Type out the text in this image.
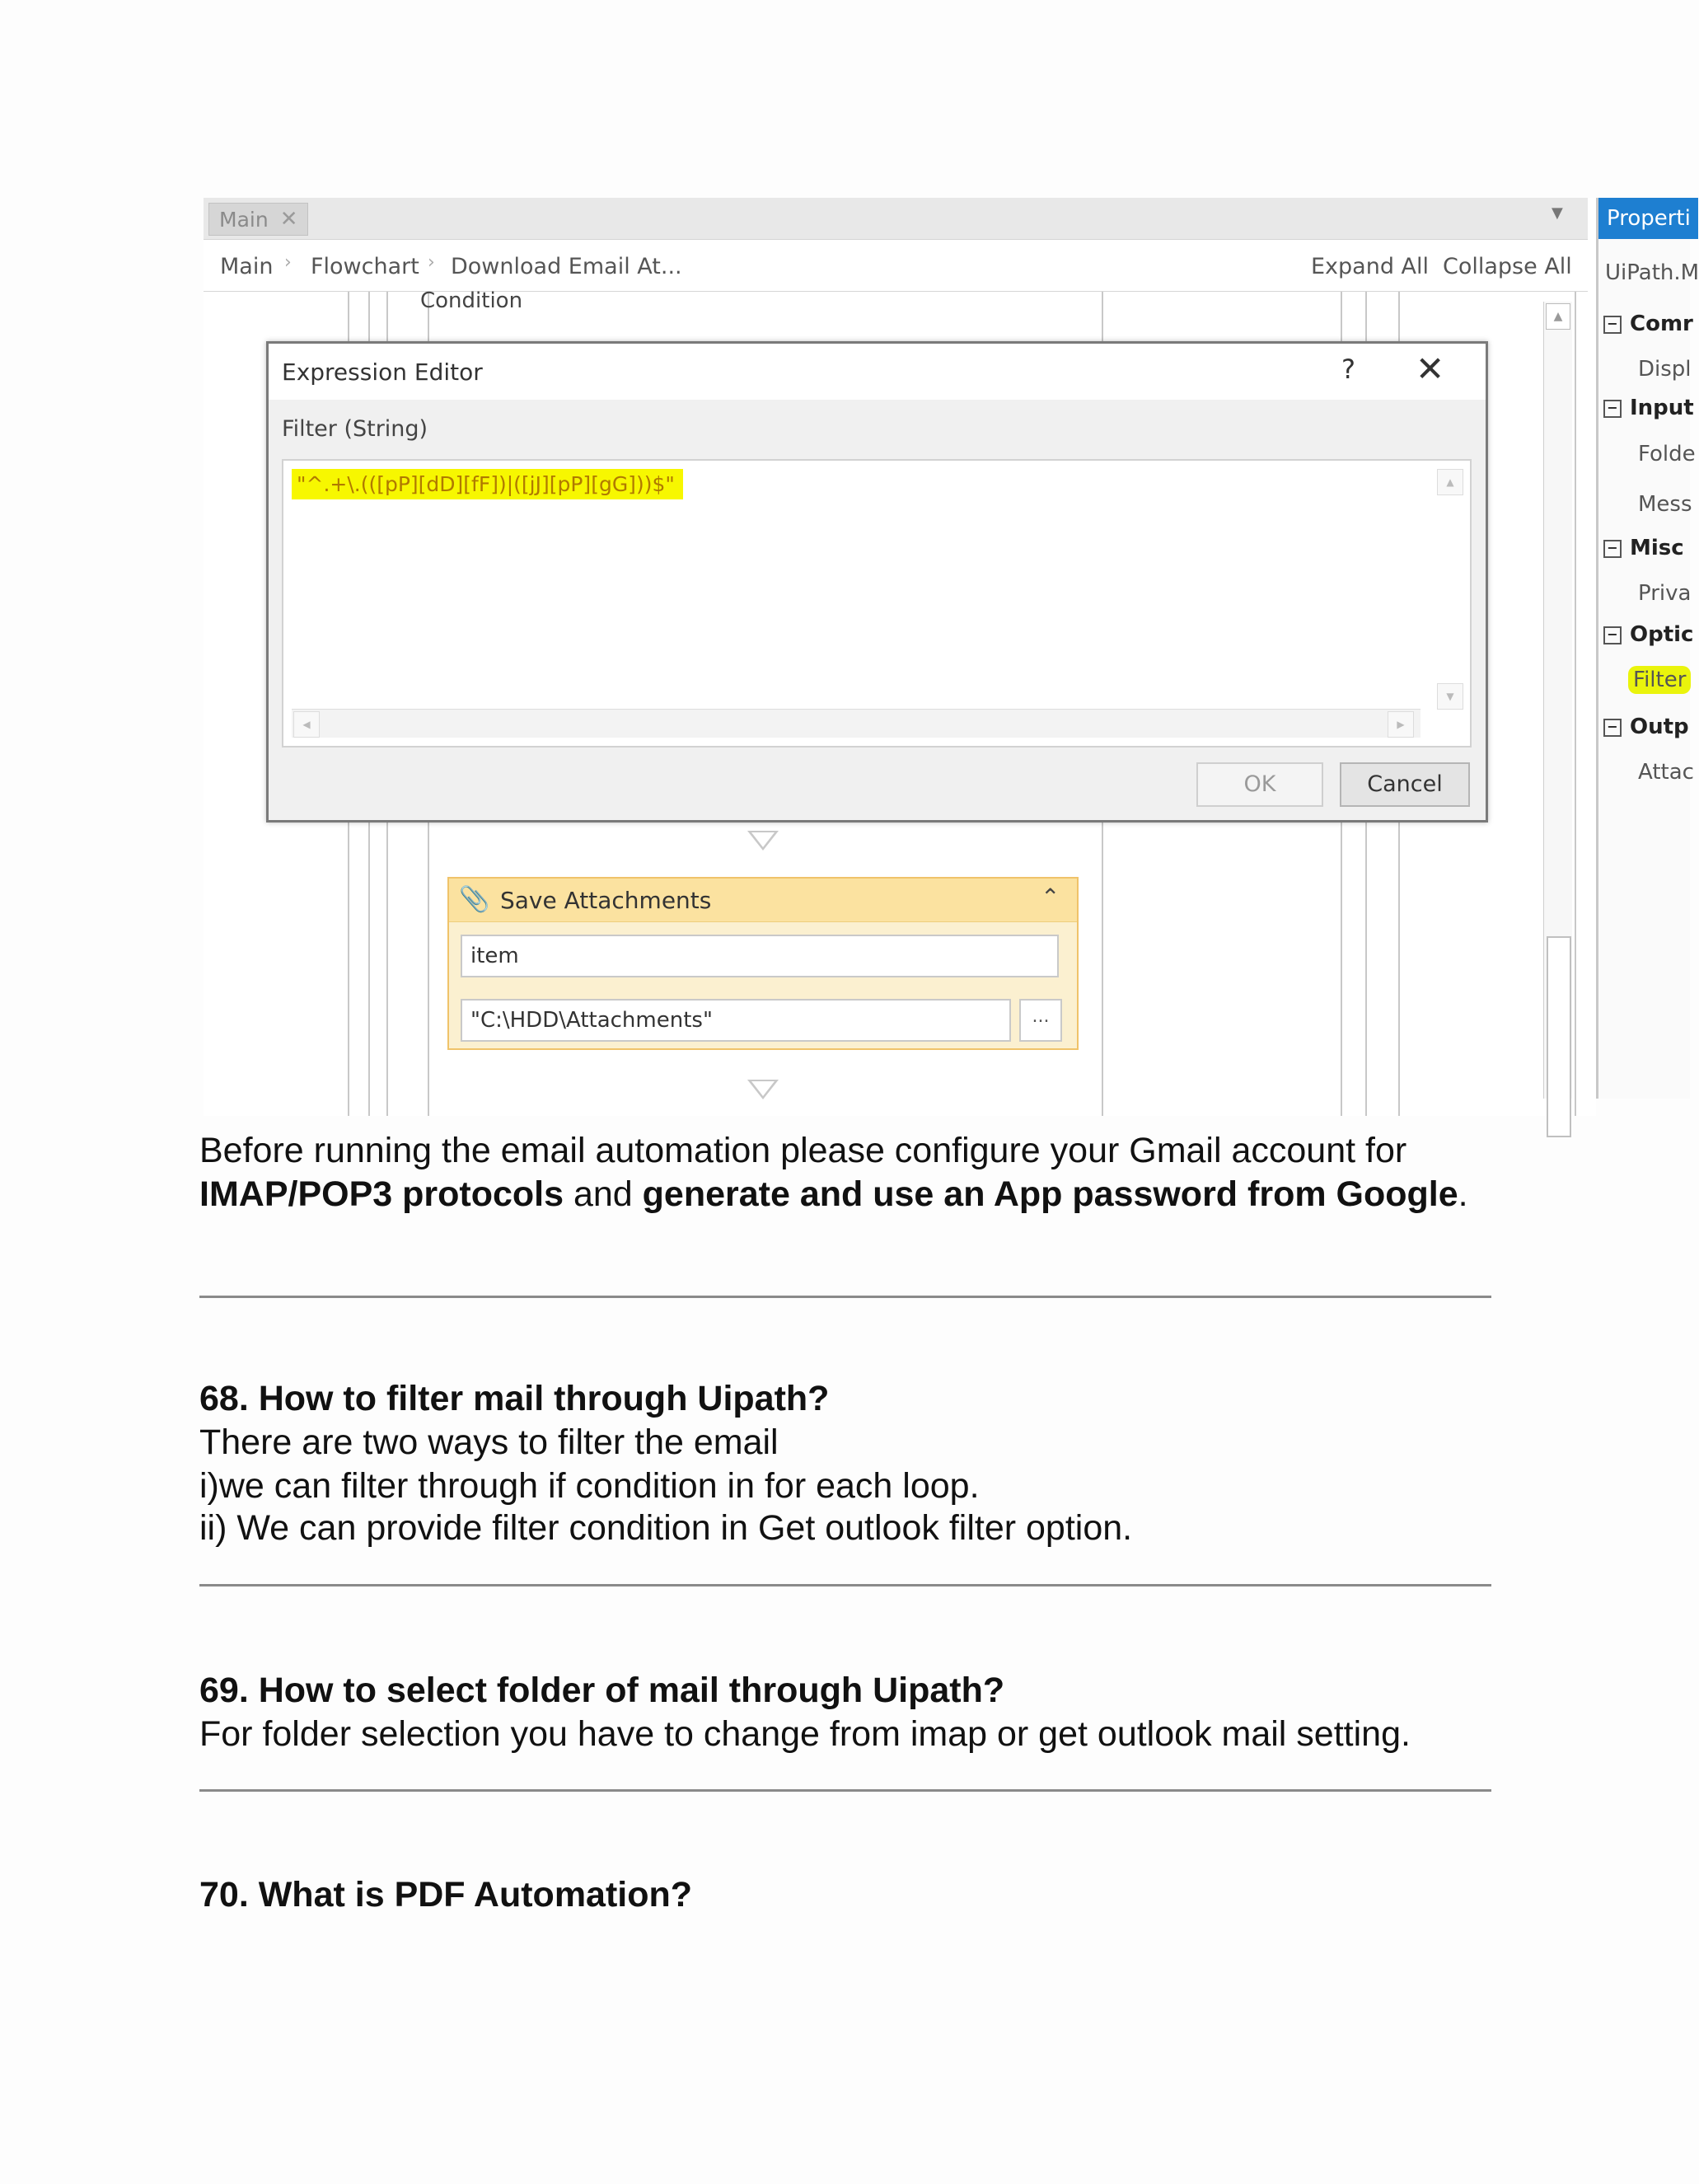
Main ✕	▼
Main › Flowchart › Download Email At...	Expand All Collapse All
Condition
▲
📎 Save Attachments	⌃
item
"C:\HDD\Attachments"	...
Expression Editor	? ✕
Filter (String)
"^.+\.(([pP][dD][fF])|([jJ][pP][gG]))$"	▲
▼
◀	▶
OK	Cancel
Properti
UiPath.M
− Comr
Displ
− Input
Folde
Mess
− Misc
Priva
− Optic
Filter
− Outp
Attac
Before running the email automation please configure your Gmail account for IMAP/POP3 protocols and generate and use an App password from Google.
68. How to filter mail through Uipath?
There are two ways to filter the email
i)we can filter through if condition in for each loop.
ii) We can provide filter condition in Get outlook filter option.
69. How to select folder of mail through Uipath?
For folder selection you have to change from imap or get outlook mail setting.
70. What is PDF Automation?
